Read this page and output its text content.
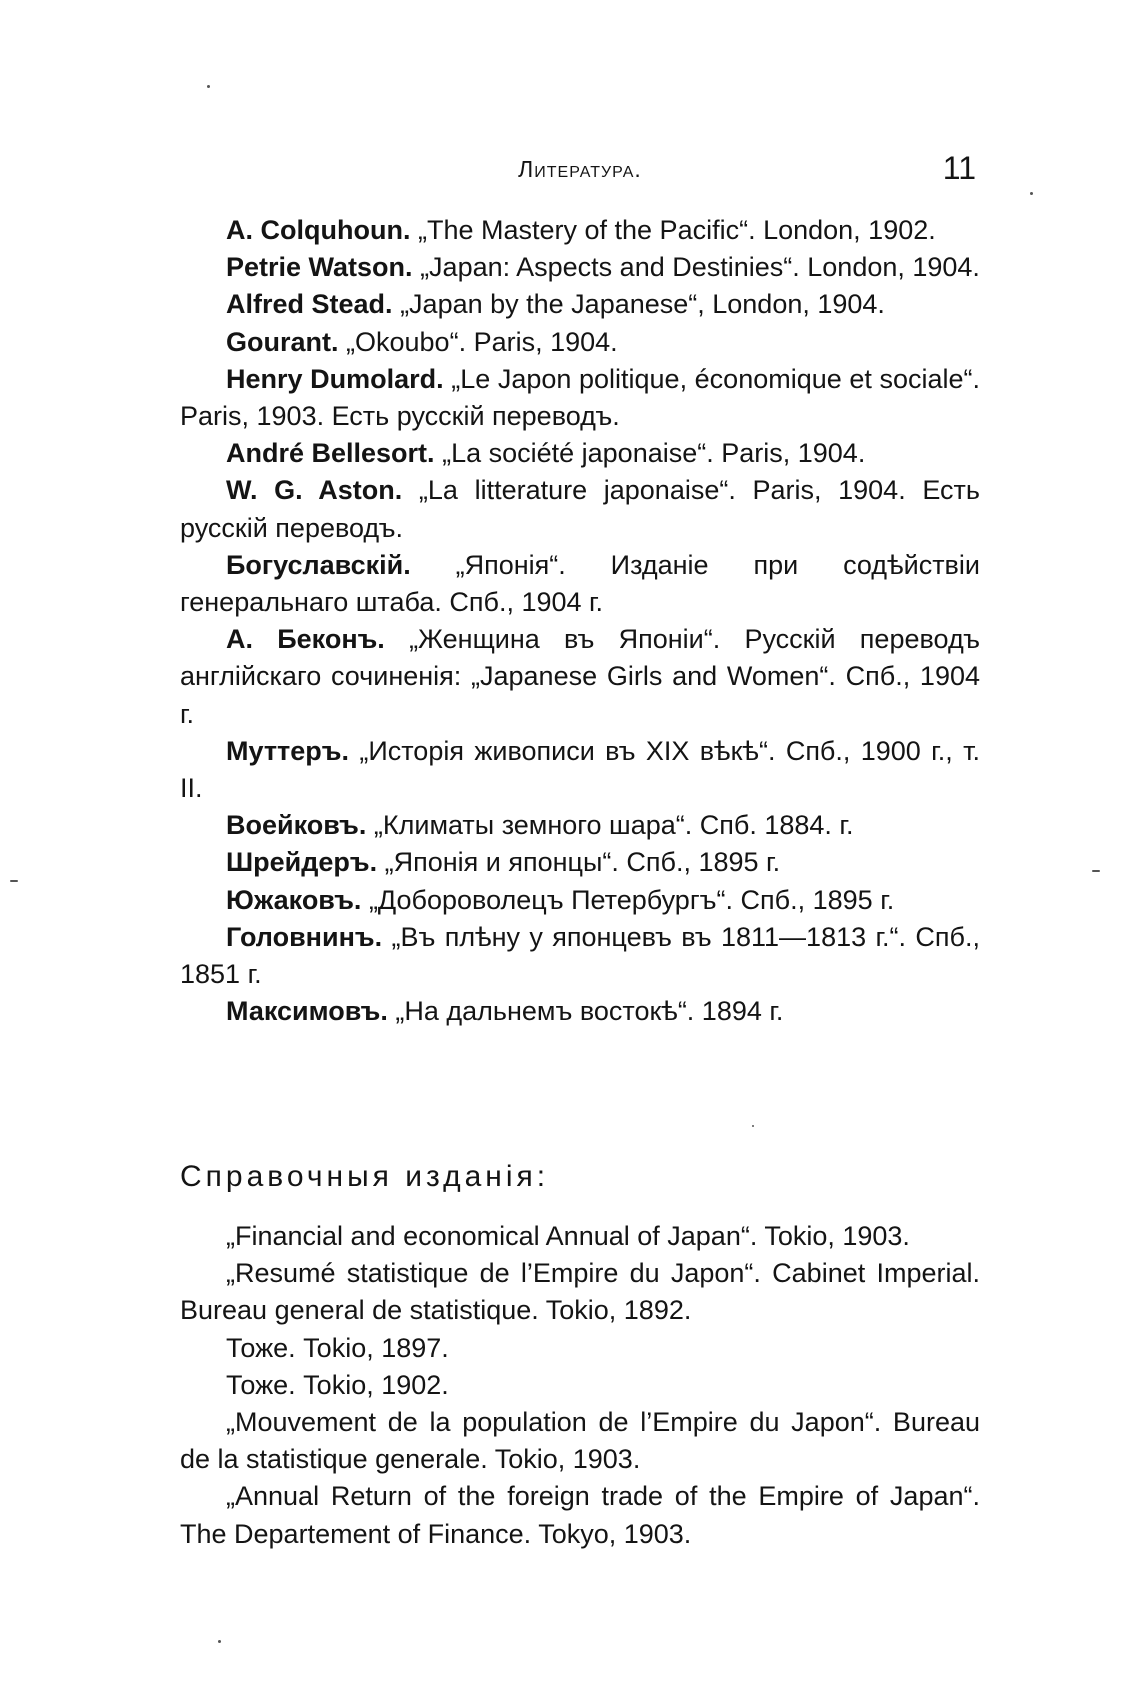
Литература.	11

A. Colquhoun. „The Mastery of the Pacific“. London, 1902.

Petrie Watson. „Japan: Aspects and Destinies“. London, 1904.

Alfred Stead. „Japan by the Japanese“, London, 1904.

Gourant. „Okoubo“. Paris, 1904.

Henry Dumolard. „Le Japon politique, économique et sociale“. Paris, 1903. Есть русскій переводъ.

André Bellesort. „La société japonaise“. Paris, 1904.

W. G. Aston. „La litterature japonaise“. Paris, 1904. Есть русскій переводъ.

Богуславскій. „Японія“. Изданіе при содѣйствіи генеральнаго штаба. Спб., 1904 г.

А. Беконъ. „Женщина въ Японіи“. Русскій переводъ англійскаго сочиненія: „Japanese Girls and Women“. Спб., 1904 г.

Муттеръ. „Исторія живописи въ XIX вѣкѣ“. Спб., 1900 г., т. II.

Воейковъ. „Климаты земного шара“. Спб. 1884. г.

Шрейдеръ. „Японія и японцы“. Спб., 1895 г.

Южаковъ. „Добороволецъ Петербургъ“. Спб., 1895 г.

Головнинъ. „Въ плѣну у японцевъ въ 1811—1813 г.“. Спб., 1851 г.

Максимовъ. „На дальнемъ востокѣ“. 1894 г.

Справочныя изданія:

„Financial and economical Annual of Japan“. Tokio, 1903.

„Resumé statistique de l’Empire du Japon“. Cabinet Imperial. Bureau general de statistique. Tokio, 1892.

Тоже. Tokio, 1897.

Тоже. Tokio, 1902.

„Mouvement de la population de l’Empire du Japon“. Bureau de la statistique generale. Tokio, 1903.

„Annual Return of the foreign trade of the Empire of Japan“. The Departement of Finance. Tokyo, 1903.
